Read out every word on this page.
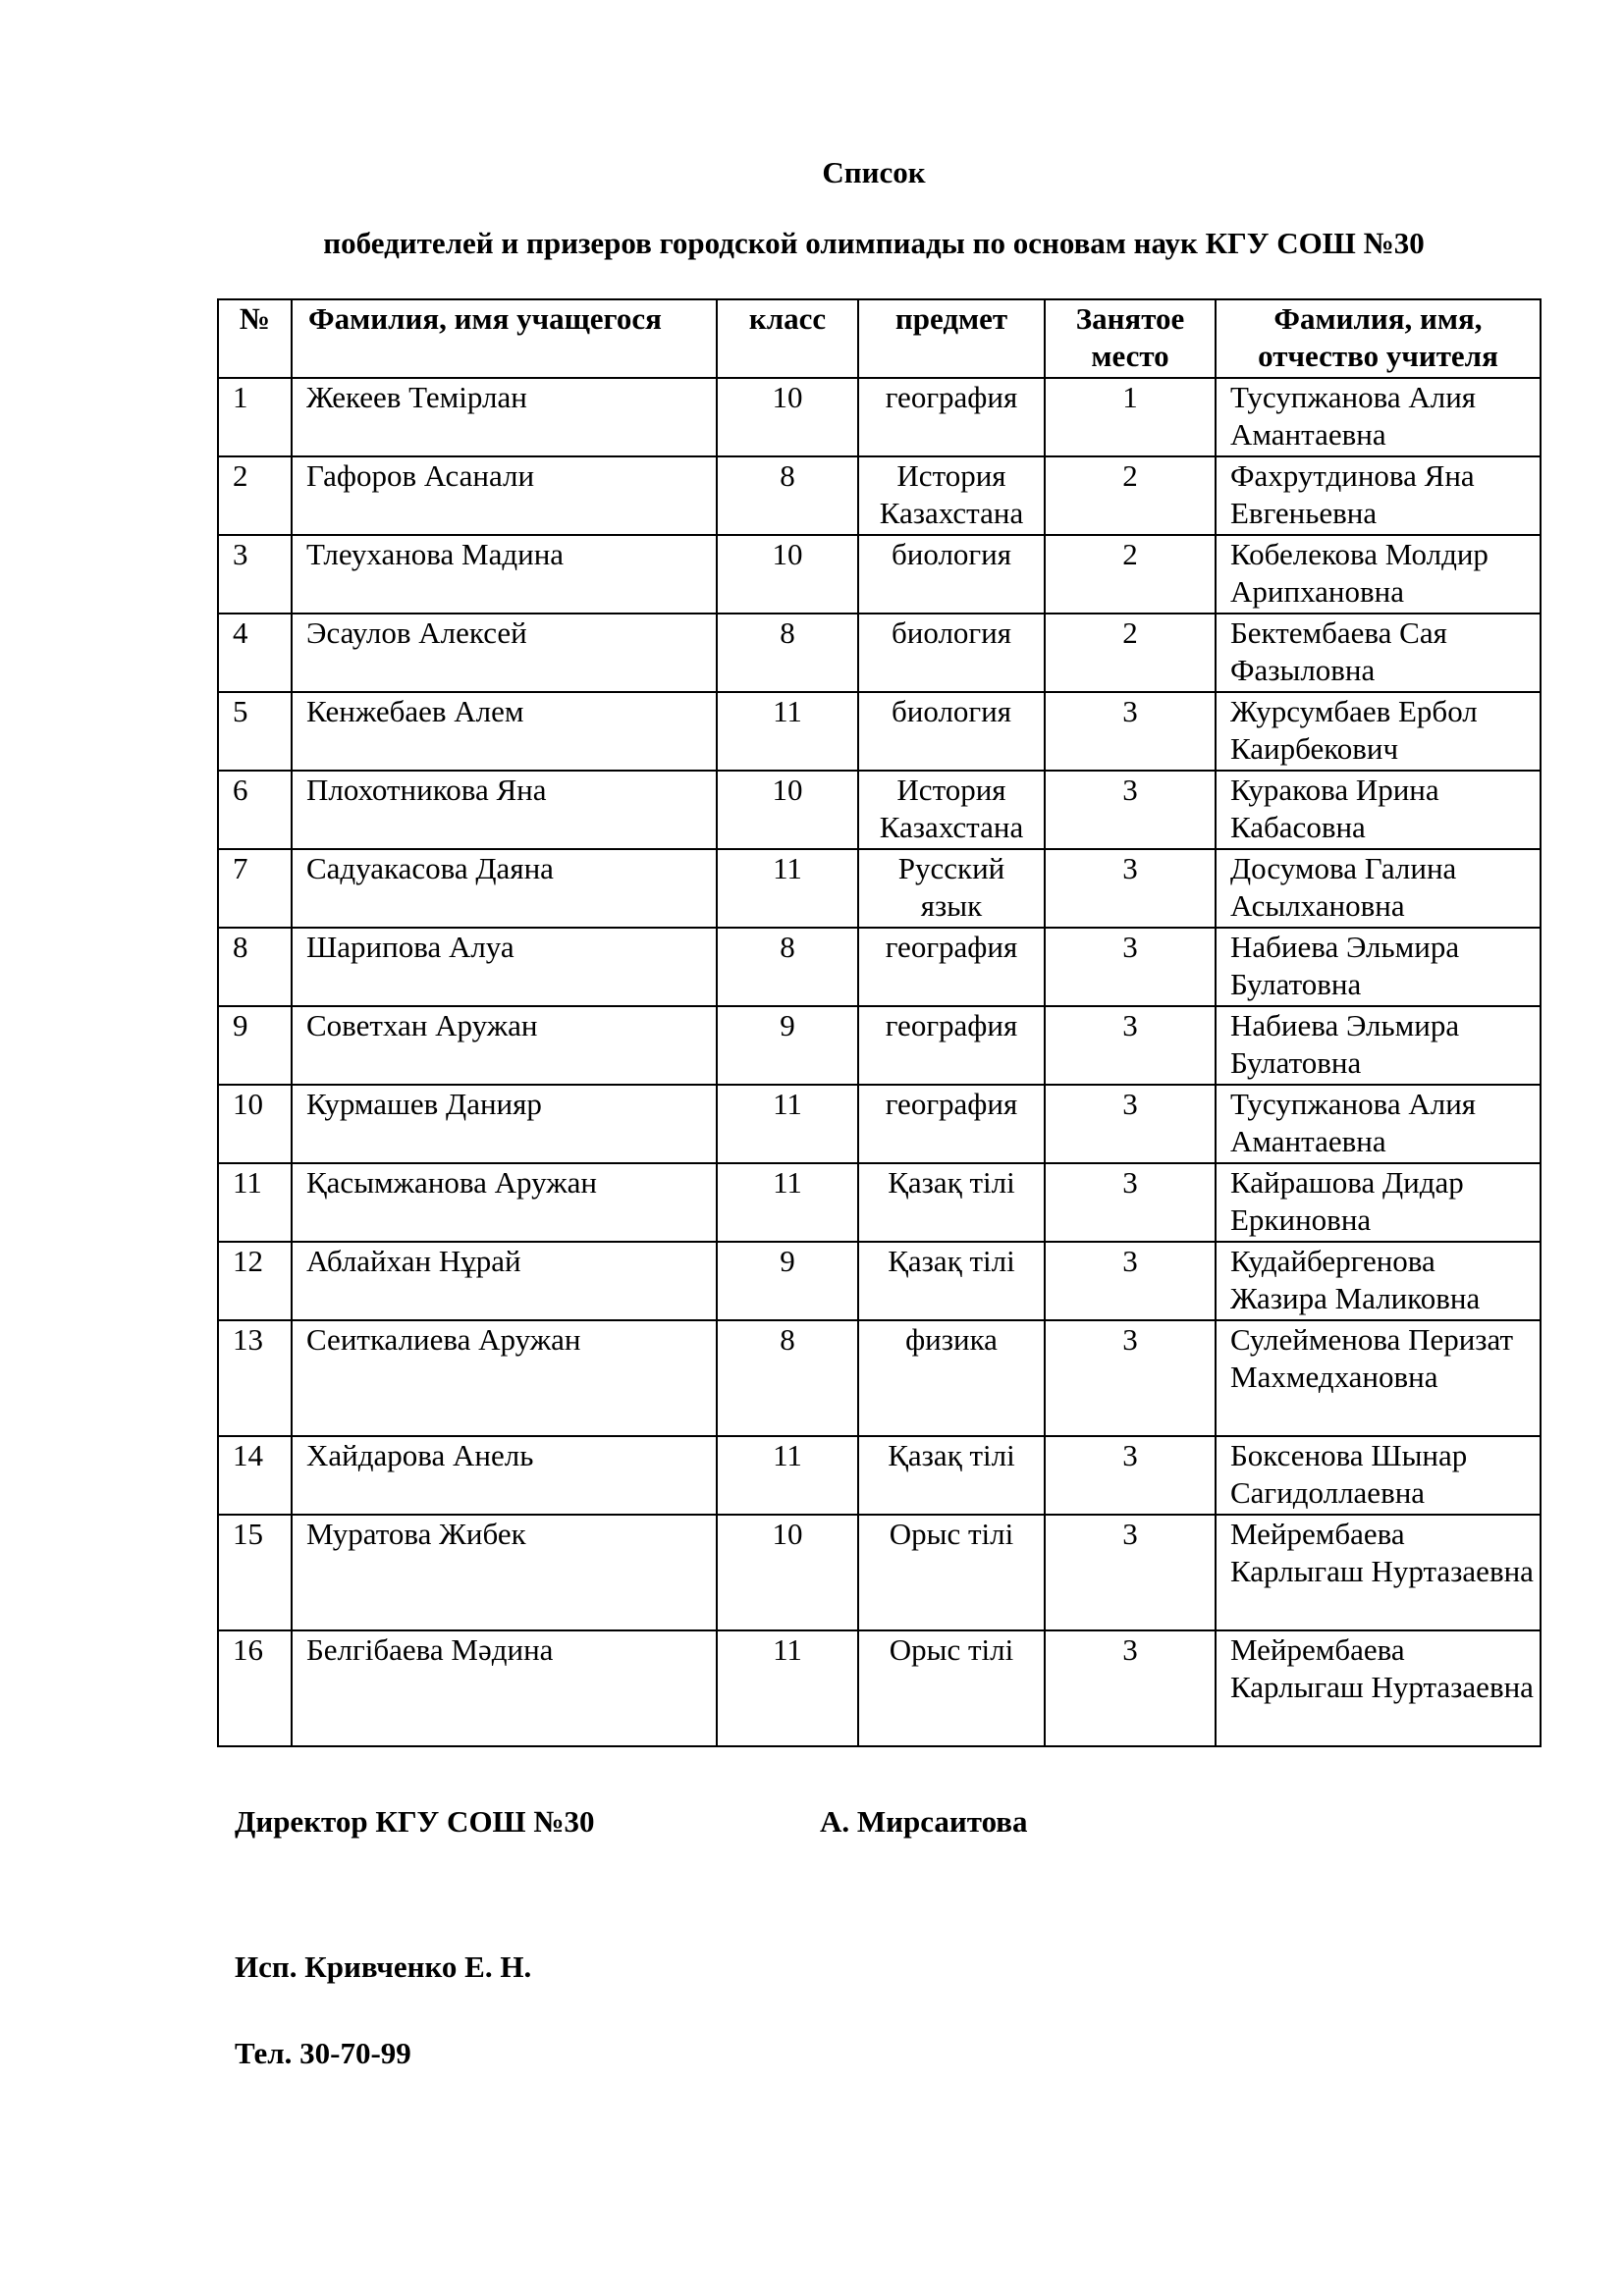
Список
победителей и призеров городской олимпиады по основам наук КГУ СОШ №30
№	Фамилия, имя учащегося	класс	предмет	Занятое место	Фамилия, имя, отчество учителя
1	Жекеев Темірлан	10	география	1	Тусупжанова Алия Амантаевна
2	Гафоров Асанали	8	История Казахстана	2	Фахрутдинова Яна Евгеньевна
3	Тлеуханова Мадина	10	биология	2	Кобелекова Молдир Арипхановна
4	Эсаулов Алексей	8	биология	2	Бектембаева Сая Фазыловна
5	Кенжебаев Алем	11	биология	3	Журсумбаев Ербол Каирбекович
6	Плохотникова Яна	10	История Казахстана	3	Куракова Ирина Кабасовна
7	Садуакасова Даяна	11	Русский язык	3	Досумова Галина Асылхановна
8	Шарипова Алуа	8	география	3	Набиева Эльмира Булатовна
9	Советхан Аружан	9	география	3	Набиева Эльмира Булатовна
10	Курмашев Данияр	11	география	3	Тусупжанова Алия Амантаевна
11	Қасымжанова Аружан	11	Қазақ тілі	3	Кайрашова Дидар Еркиновна
12	Аблайхан Нұрай	9	Қазақ тілі	3	Кудайбергенова Жазира Маликовна
13	Сеиткалиева Аружан	8	физика	3	Сулейменова Перизат Махмедхановна
14	Хайдарова Анель	11	Қазақ тілі	3	Боксенова Шынар Сагидоллаевна
15	Муратова Жибек	10	Орыс тілі	3	Мейрембаева Карлыгаш Нуртазаевна
16	Белгібаева Мәдина	11	Орыс тілі	3	Мейрембаева Карлыгаш Нуртазаевна
Директор КГУ СОШ №30	А. Мирсаитова
Исп. Кривченко Е. Н.
Тел. 30-70-99
